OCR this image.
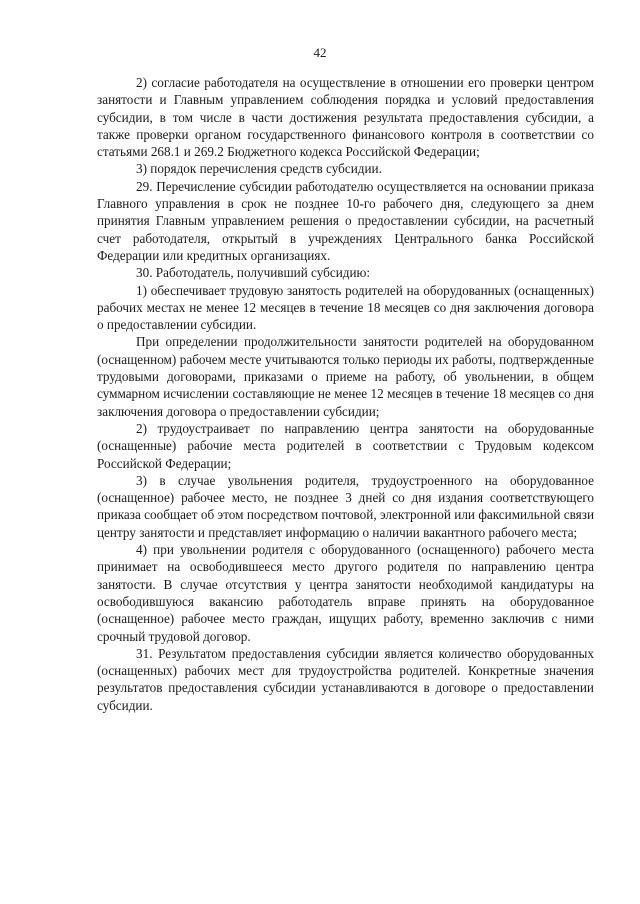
42

2) согласие работодателя на осуществление в отношении его проверки центром занятости и Главным управлением соблюдения порядка и условий предоставления субсидии, в том числе в части достижения результата предоставления субсидии, а также проверки органом государственного финансового контроля в соответствии со статьями 268.1 и 269.2 Бюджетного кодекса Российской Федерации;

3) порядок перечисления средств субсидии.

29. Перечисление субсидии работодателю осуществляется на основании приказа Главного управления в срок не позднее 10-го рабочего дня, следующего за днем принятия Главным управлением решения о предоставлении субсидии, на расчетный счет работодателя, открытый в учреждениях Центрального банка Российской Федерации или кредитных организациях.

30. Работодатель, получивший субсидию:

1) обеспечивает трудовую занятость родителей на оборудованных (оснащенных) рабочих местах не менее 12 месяцев в течение 18 месяцев со дня заключения договора о предоставлении субсидии.

При определении продолжительности занятости родителей на оборудованном (оснащенном) рабочем месте учитываются только периоды их работы, подтвержденные трудовыми договорами, приказами о приеме на работу, об увольнении, в общем суммарном исчислении составляющие не менее 12 месяцев в течение 18 месяцев со дня заключения договора о предоставлении субсидии;

2) трудоустраивает по направлению центра занятости на оборудованные (оснащенные) рабочие места родителей в соответствии с Трудовым кодексом Российской Федерации;

3) в случае увольнения родителя, трудоустроенного на оборудованное (оснащенное) рабочее место, не позднее 3 дней со дня издания соответствующего приказа сообщает об этом посредством почтовой, электронной или факсимильной связи центру занятости и представляет информацию о наличии вакантного рабочего места;

4) при увольнении родителя с оборудованного (оснащенного) рабочего места принимает на освободившееся место другого родителя по направлению центра занятости. В случае отсутствия у центра занятости необходимой кандидатуры на освободившуюся вакансию работодатель вправе принять на оборудованное (оснащенное) рабочее место граждан, ищущих работу, временно заключив с ними срочный трудовой договор.

31. Результатом предоставления субсидии является количество оборудованных (оснащенных) рабочих мест для трудоустройства родителей. Конкретные значения результатов предоставления субсидии устанавливаются в договоре о предоставлении субсидии.
